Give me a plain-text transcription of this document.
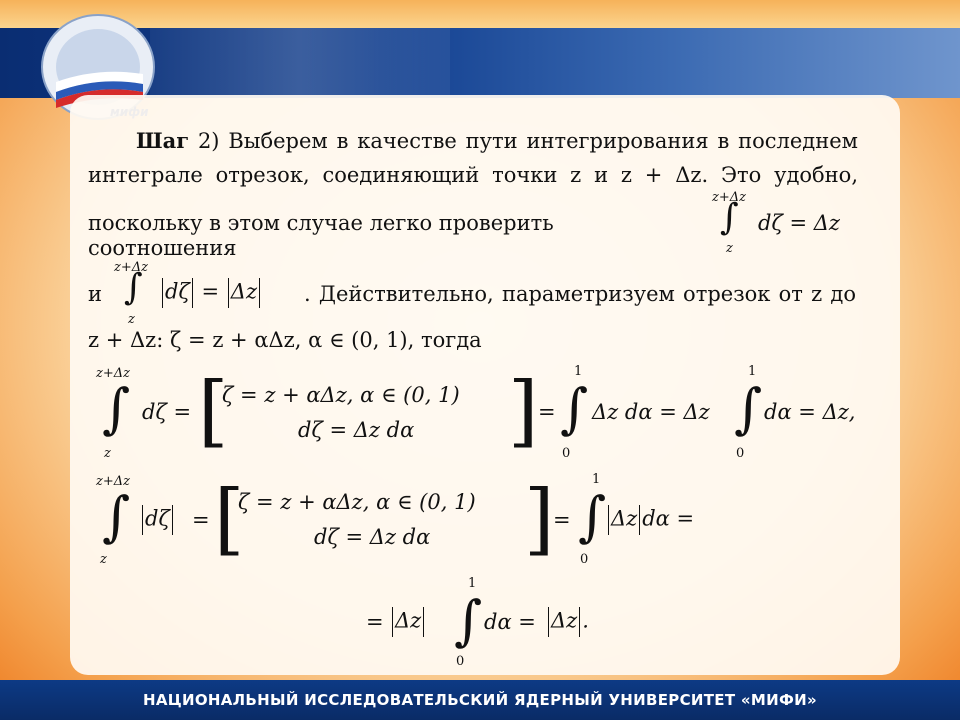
Шаг 2) Выберем в качестве пути интегрирования в последнем
интеграле отрезок, соединяющий точки z и z + Δz. Это удобно,
поскольку в этом случае легко проверить соотношения
z+Δz
∫
z
dζ = Δz
и
z+Δz
∫
z
dζ = Δz . Действительно, параметризуем отрезок от z до
z + Δz: ζ = z + αΔz, α ∈ (0, 1), тогда
z+Δz
∫
z
dζ = [
ζ = z + αΔz, α ∈ (0, 1)
dζ = Δz dα ] =
1
∫
0
Δz dα = Δz
1
∫
0
dα = Δz,
z+Δz
∫
z
dζ = [
ζ = z + αΔz, α ∈ (0, 1)
dζ = Δz dα ]
=
1
∫
0
Δz dα =
= Δz
1
∫
0
dα = Δz .
НАЦИОНАЛЬНЫЙ ИССЛЕДОВАТЕЛЬСКИЙ ЯДЕРНЫЙ УНИВЕРСИТЕТ «МИФИ»
